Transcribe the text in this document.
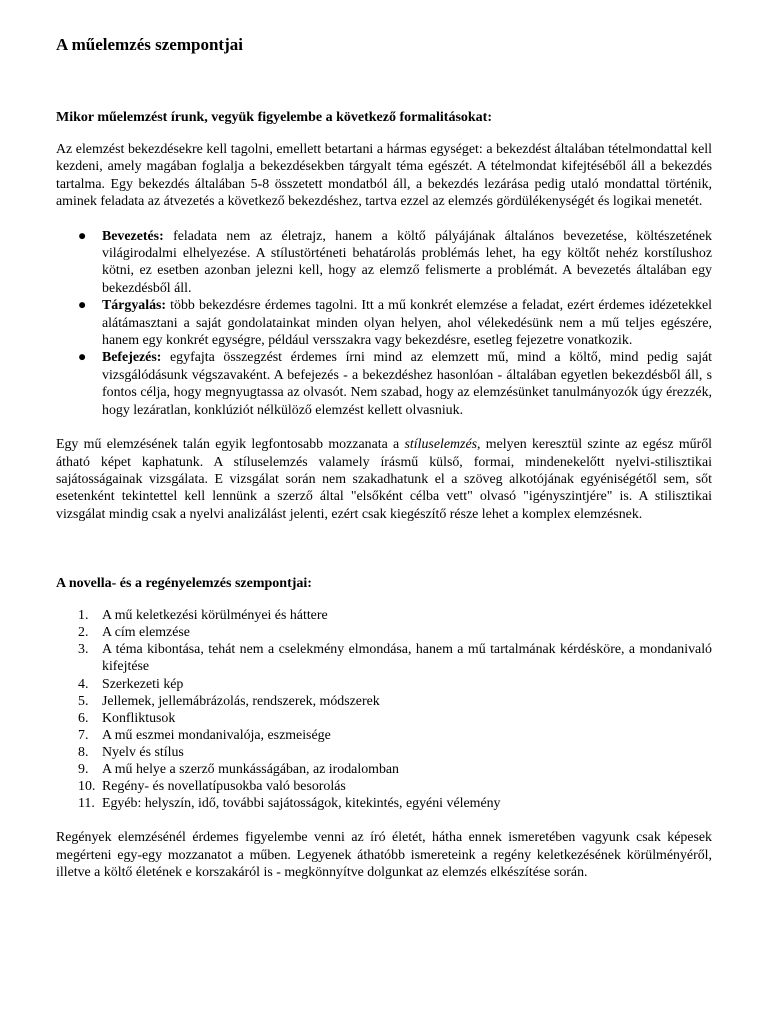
A műelemzés szempontjai
Mikor műelemzést írunk, vegyük figyelembe a következő formalitásokat:

Az elemzést bekezdésekre kell tagolni, emellett betartani a hármas egységet: a bekezdést általában tételmondattal kell kezdeni, amely magában foglalja a bekezdésekben tárgyalt téma egészét. A tételmondat kifejtéséből áll a bekezdés tartalma. Egy bekezdés általában 5-8 összetett mondatból áll, a bekezdés lezárása pedig utaló mondattal történik, aminek feladata az átvezetés a következő bekezdéshez, tartva ezzel az elemzés gördülékenységét és logikai menetét.

● Bevezetés: feladata nem az életrajz, hanem a költő pályájának általános bevezetése, költészetének világirodalmi elhelyezése. A stílustörténeti behatárolás problémás lehet, ha egy költőt nehéz korstílushoz kötni, ez esetben azonban jelezni kell, hogy az elemző felismerte a problémát. A bevezetés általában egy bekezdésből áll.
● Tárgyalás: több bekezdésre érdemes tagolni. Itt a mű konkrét elemzése a feladat, ezért érdemes idézetekkel alátámasztani a saját gondolatainkat minden olyan helyen, ahol vélekedésünk nem a mű teljes egészére, hanem egy konkrét egységre, például versszakra vagy bekezdésre, esetleg fejezetre vonatkozik.
● Befejezés: egyfajta összegzést érdemes írni mind az elemzett mű, mind a költő, mind pedig saját vizsgálódásunk végszavaként. A befejezés - a bekezdéshez hasonlóan - általában egyetlen bekezdésből áll, s fontos célja, hogy megnyugtassa az olvasót. Nem szabad, hogy az elemzésünket tanulmányozók úgy érezzék, hogy lezáratlan, konklúziót nélkülöző elemzést kellett olvasniuk.

Egy mű elemzésének talán egyik legfontosabb mozzanata a stíluselemzés, melyen keresztül szinte az egész műről átható képet kaphatunk. A stíluselemzés valamely írásmű külső, formai, mindenekelőtt nyelvi-stilisztikai sajátosságainak vizsgálata. E vizsgálat során nem szakadhatunk el a szöveg alkotójának egyéniségétől sem, sőt esetenként tekintettel kell lennünk a szerző által "elsőként célba vett" olvasó "igényszintjére" is. A stilisztikai vizsgálat mindig csak a nyelvi analizálást jelenti, ezért csak kiegészítő része lehet a komplex elemzésnek.

A novella- és a regényelemzés szempontjai:
1. A mű keletkezési körülményei és háttere
2. A cím elemzése
3. A téma kibontása, tehát nem a cselekmény elmondása, hanem a mű tartalmának kérdésköre, a mondanivaló kifejtése
4. Szerkezeti kép
5. Jellemek, jellemábrázolás, rendszerek, módszerek
6. Konfliktusok
7. A mű eszmei mondanivalója, eszmeisége
8. Nyelv és stílus
9. A mű helye a szerző munkásságában, az irodalomban
10. Regény- és novellatípusokba való besorolás
11. Egyéb: helyszín, idő, további sajátosságok, kitekintés, egyéni vélemény

Regények elemzésénél érdemes figyelembe venni az író életét, hátha ennek ismeretében vagyunk csak képesek megérteni egy-egy mozzanatot a műben. Legyenek áthatóbb ismereteink a regény keletkezésének körülményéről, illetve a költő életének e korszakáról is - megkönnyítve dolgunkat az elemzés elkészítése során.
